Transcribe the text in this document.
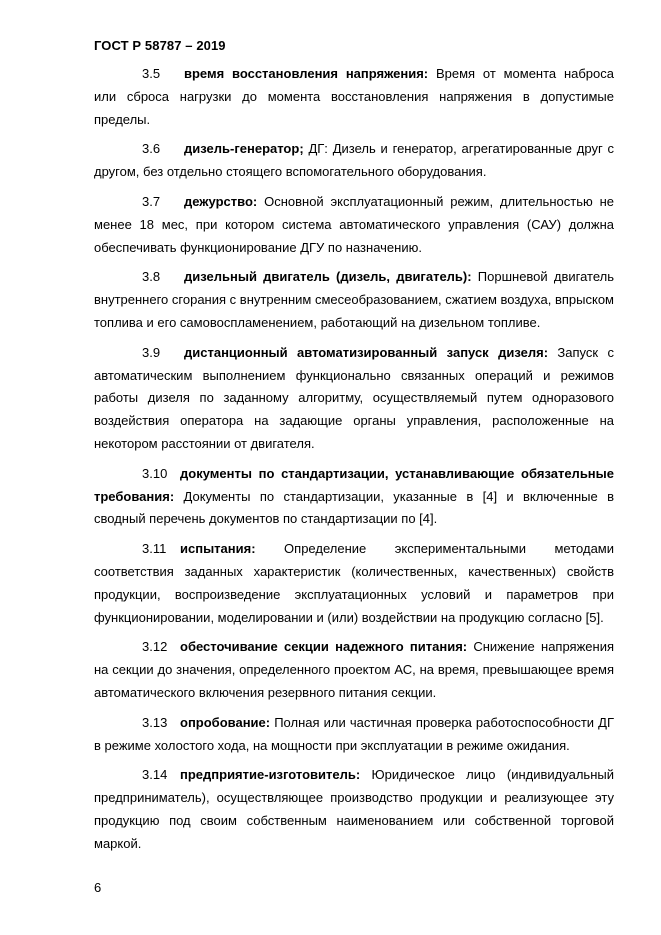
ГОСТ Р 58787 – 2019

3.5 время восстановления напряжения: Время от момента наброса или сброса нагрузки до момента восстановления напряжения в допустимые пределы.

3.6 дизель-генератор; ДГ: Дизель и генератор, агрегатированные друг с другом, без отдельно стоящего вспомогательного оборудования.

3.7 дежурство: Основной эксплуатационный режим, длительностью не менее 18 мес, при котором система автоматического управления (САУ) должна обеспечивать функционирование ДГУ по назначению.

3.8 дизельный двигатель (дизель, двигатель): Поршневой двигатель внутреннего сгорания с внутренним смесеобразованием, сжатием воздуха, впрыском топлива и его самовоспламенением, работающий на дизельном топливе.

3.9 дистанционный автоматизированный запуск дизеля: Запуск с автоматическим выполнением функционально связанных операций и режимов работы дизеля по заданному алгоритму, осуществляемый путем одноразового воздействия оператора на задающие органы управления, расположенные на некотором расстоянии от двигателя.

3.10 документы по стандартизации, устанавливающие обязательные требования: Документы по стандартизации, указанные в [4] и включенные в сводный перечень документов по стандартизации по [4].

3.11 испытания: Определение экспериментальными методами соответствия заданных характеристик (количественных, качественных) свойств продукции, воспроизведение эксплуатационных условий и параметров при функционировании, моделировании и (или) воздействии на продукцию согласно [5].

3.12 обесточивание секции надежного питания: Снижение напряжения на секции до значения, определенного проектом АС, на время, превышающее время автоматического включения резервного питания секции.

3.13 опробование: Полная или частичная проверка работоспособности ДГ в режиме холостого хода, на мощности при эксплуатации в режиме ожидания.

3.14 предприятие-изготовитель: Юридическое лицо (индивидуальный предприниматель), осуществляющее производство продукции и реализующее эту продукцию под своим собственным наименованием или собственной торговой маркой.

6
